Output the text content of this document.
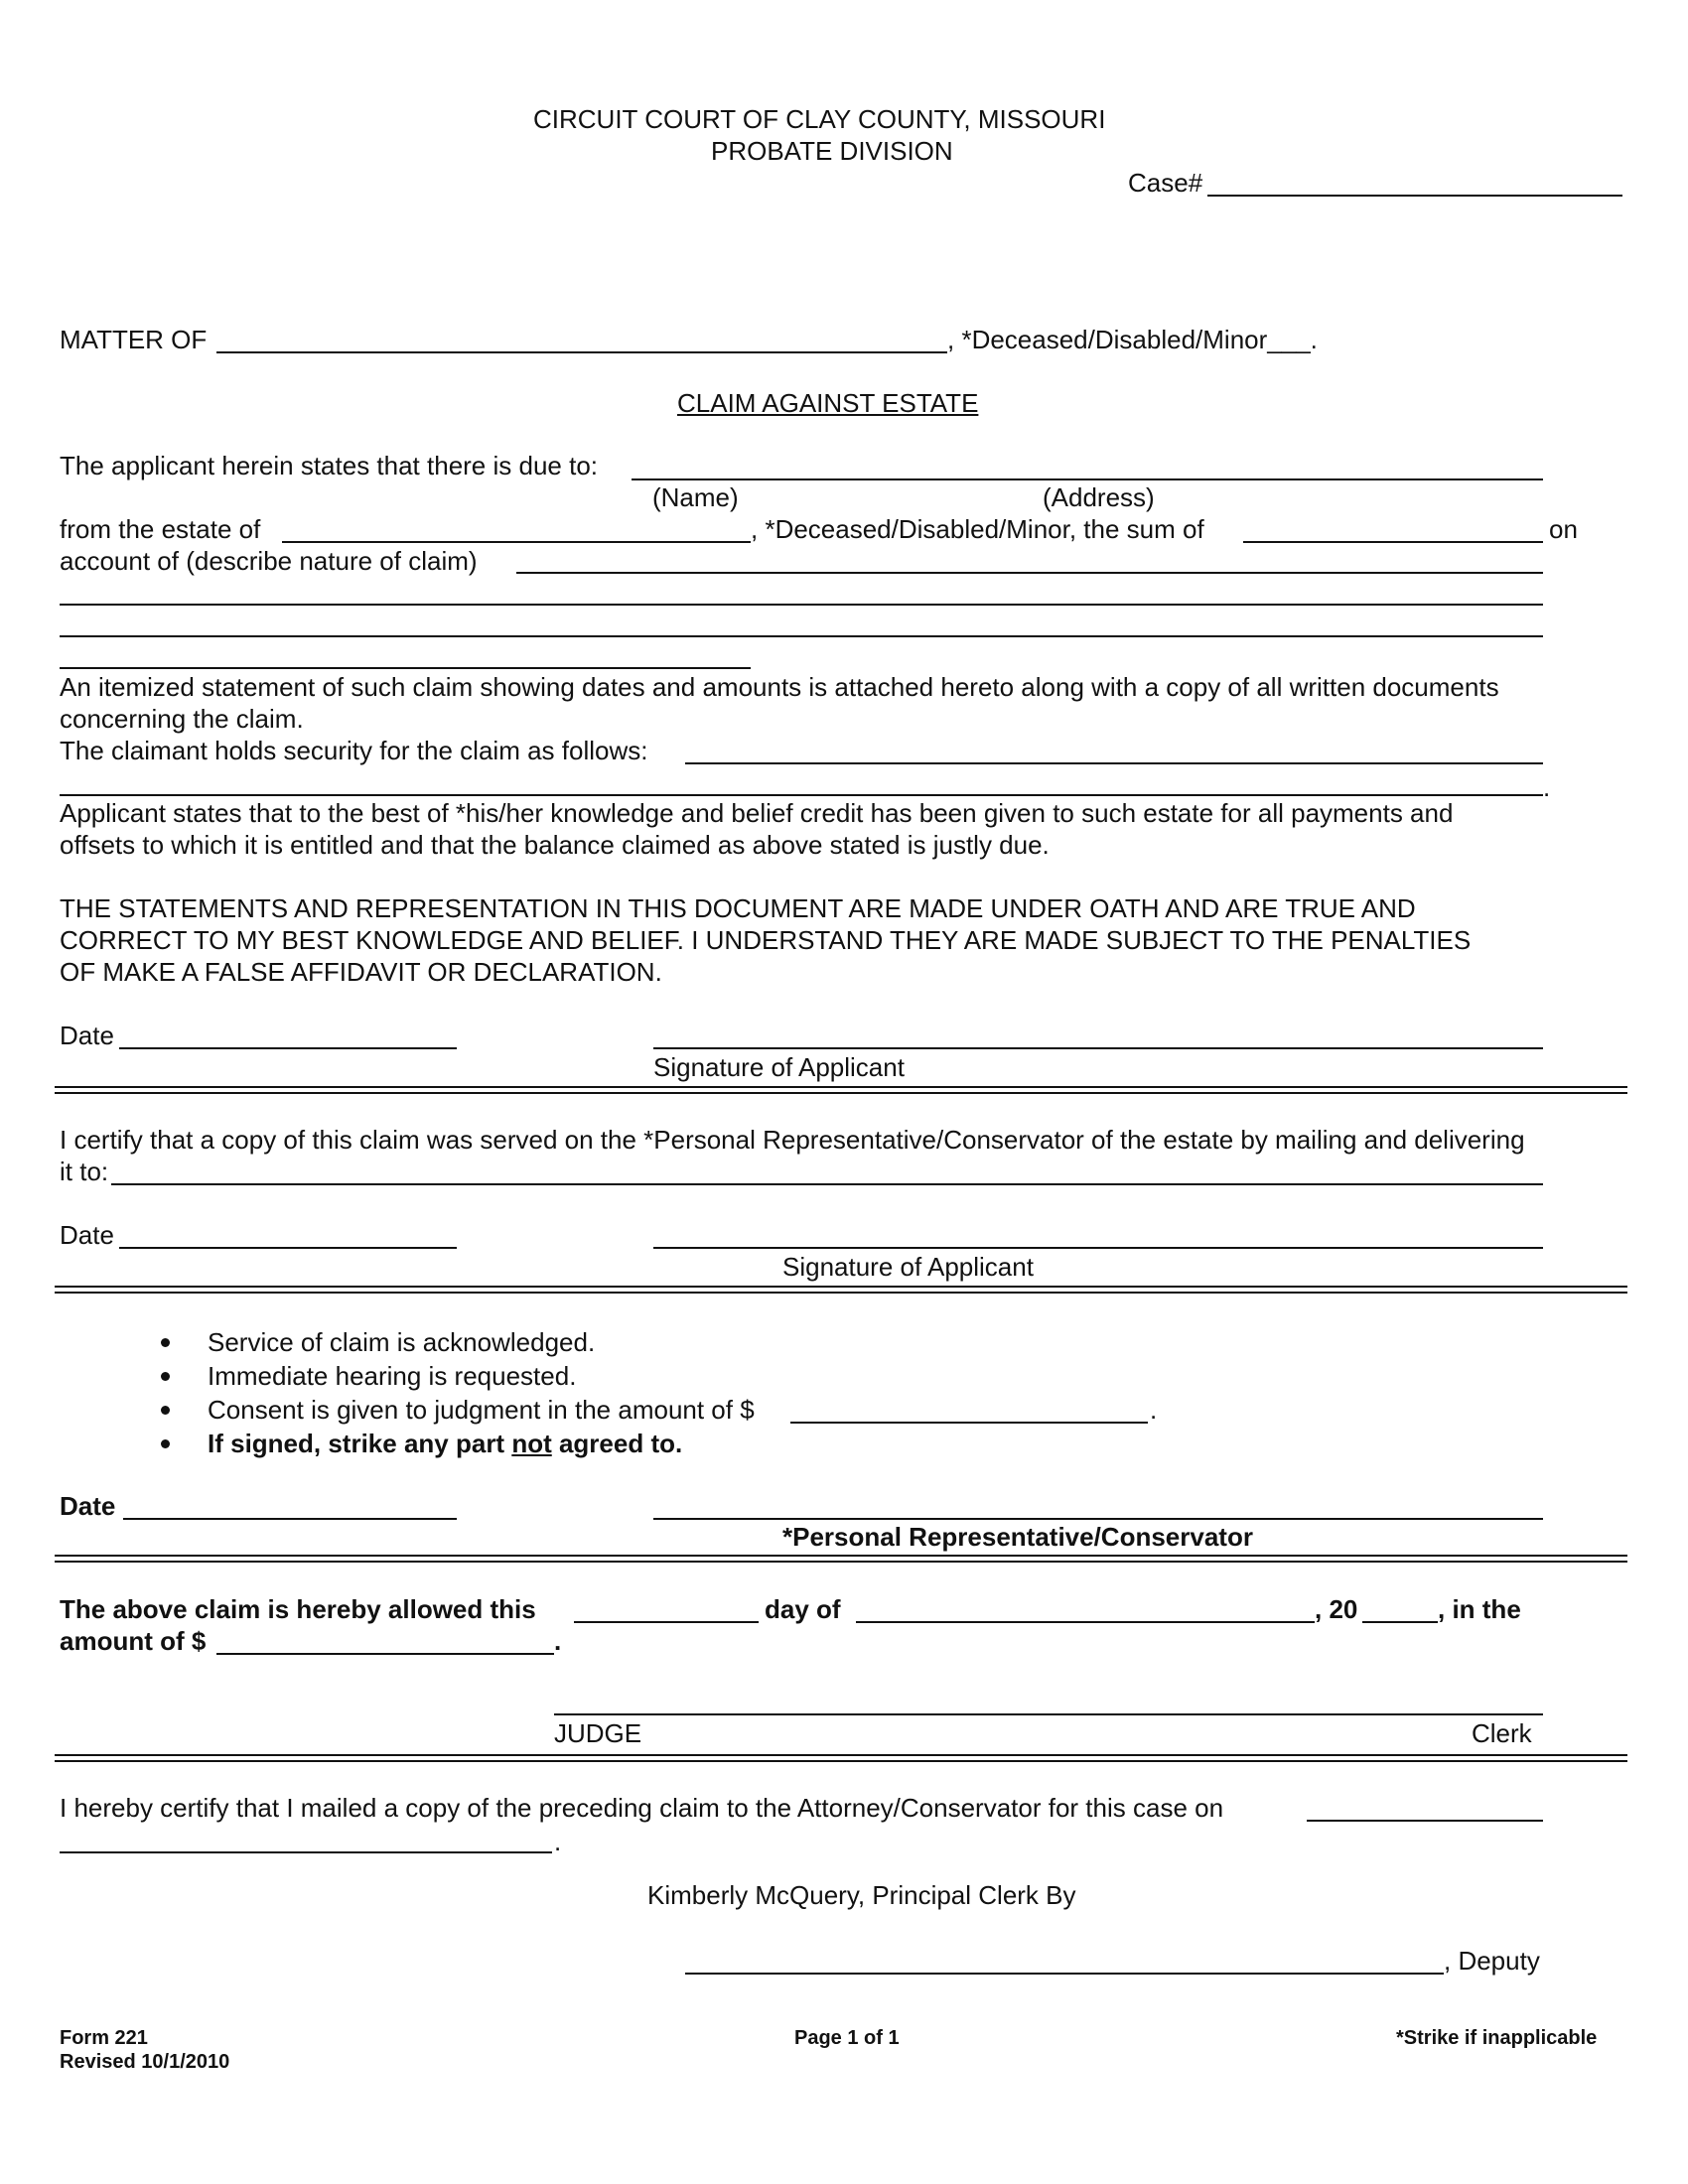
CIRCUIT COURT OF CLAY COUNTY, MISSOURI
PROBATE DIVISION
Case#
MATTER OF	, *Deceased/Disabled/Minor___.
CLAIM AGAINST ESTATE
The applicant herein states that there is due to:
(Name)	(Address)
from the estate of	, *Deceased/Disabled/Minor, the sum of	on
account of (describe nature of claim)
An itemized statement of such claim showing dates and amounts is attached hereto along with a copy of all written documents
concerning the claim.
The claimant holds security for the claim as follows:
.
Applicant states that to the best of *his/her knowledge and belief credit has been given to such estate for all payments and
offsets to which it is entitled and that the balance claimed as above stated is justly due.
THE STATEMENTS AND REPRESENTATION IN THIS DOCUMENT ARE MADE UNDER OATH AND ARE TRUE AND
CORRECT TO MY BEST KNOWLEDGE AND BELIEF. I UNDERSTAND THEY ARE MADE SUBJECT TO THE PENALTIES
OF MAKE A FALSE AFFIDAVIT OR DECLARATION.
Date
Signature of Applicant
I certify that a copy of this claim was served on the *Personal Representative/Conservator of the estate by mailing and delivering
it to:
Date
Signature of Applicant
Service of claim is acknowledged.
Immediate hearing is requested.
Consent is given to judgment in the amount of $	.
If signed, strike any part not agreed to.
Date
*Personal Representative/Conservator
The above claim is hereby allowed this	day of	, 20	, in the
amount of $	.
JUDGE	Clerk
I hereby certify that I mailed a copy of the preceding claim to the Attorney/Conservator for this case on
.
Kimberly McQuery, Principal Clerk By
, Deputy
Form 221
Revised 10/1/2010
Page 1 of 1	*Strike if inapplicable
